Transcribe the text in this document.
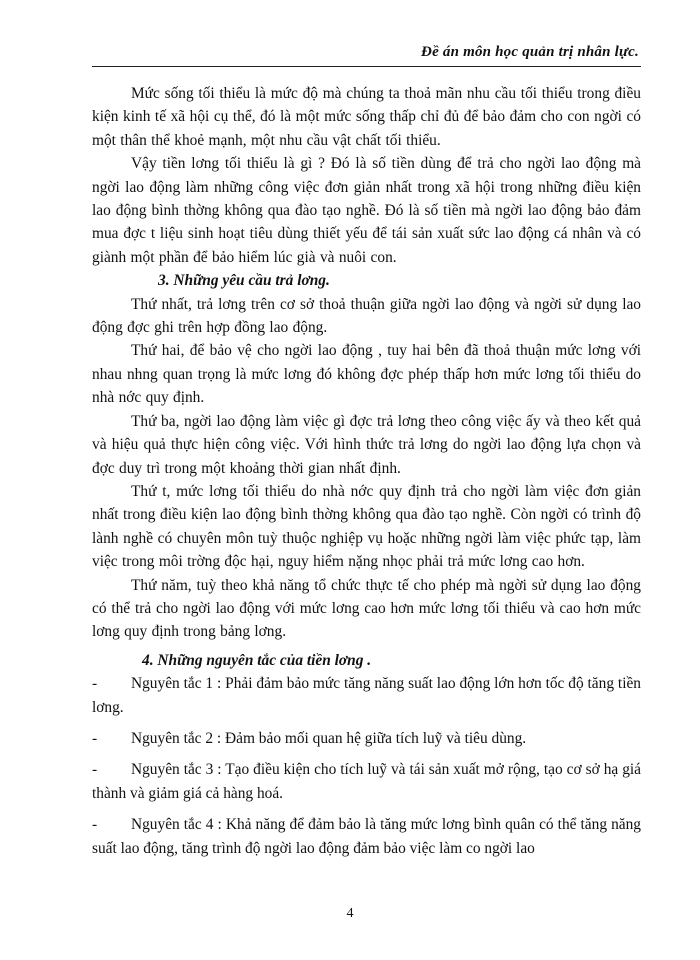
Đề án môn học quản trị nhân lực.

Mức sống tối thiểu là mức độ mà chúng ta thoả mãn nhu cầu tối thiểu trong điều kiện kinh tế xã hội cụ thể, đó là một mức sống thấp chỉ đủ để bảo đảm cho con ngời có một thân thể khoẻ mạnh, một nhu cầu vật chất tối thiểu.

Vậy tiền lơng tối thiểu là gì ? Đó là số tiền dùng để trả cho ngời lao động mà ngời lao động làm những công việc đơn giản nhất trong xã hội trong những điều kiện lao động bình thờng không qua đào tạo nghề. Đó là số tiền mà ngời lao động bảo đảm mua đợc t liệu sinh hoạt tiêu dùng thiết yếu để tái sản xuất sức lao động cá nhân và có giành một phần để bảo hiểm lúc già và nuôi con.

3. Những yêu cầu trả lơng.

Thứ nhất, trả lơng trên cơ sở thoả thuận giữa ngời lao động và ngời sử dụng lao động đợc ghi trên hợp đồng lao động.

Thứ hai, để bảo vệ cho ngời lao động , tuy hai bên đã thoả thuận mức lơng với nhau nhng quan trọng là mức lơng đó không đợc phép thấp hơn mức lơng tối thiểu do nhà nớc quy định.

Thứ ba, ngời lao động làm việc gì đợc trả lơng theo công việc ấy và theo kết quả và hiệu quả thực hiện công việc. Với hình thức trả lơng do ngời lao động lựa chọn và đợc duy trì trong một khoảng thời gian nhất định.

Thứ t, mức lơng tối thiểu do nhà nớc quy định trả cho ngời làm việc đơn giản nhất trong điều kiện lao động bình thờng không qua đào tạo nghề. Còn ngời có trình độ lành nghề có chuyên môn tuỳ thuộc nghiệp vụ hoặc những ngời làm việc phức tạp, làm việc trong môi trờng độc hại, nguy hiểm nặng nhọc phải trả mức lơng cao hơn.

Thứ năm, tuỳ theo khả năng tổ chức thực tế cho phép mà ngời sử dụng lao động có thể trả cho ngời lao động với mức lơng cao hơn mức lơng tối thiểu và cao hơn mức lơng quy định trong bảng lơng.

4. Những nguyên tắc của tiền lơng .

- Nguyên tắc 1 : Phải đảm bảo mức tăng năng suất lao động lớn hơn tốc độ tăng tiền lơng.
- Nguyên tắc 2 : Đảm bảo mối quan hệ giữa tích luỹ và tiêu dùng.
- Nguyên tắc 3 : Tạo điều kiện cho tích luỹ và tái sản xuất mở rộng, tạo cơ sở hạ giá thành và giảm giá cả hàng hoá.
- Nguyên tắc 4 : Khả năng để đảm bảo là tăng mức lơng bình quân có thể tăng năng suất lao động, tăng trình độ ngời lao động đảm bảo việc làm co ngời lao
4
